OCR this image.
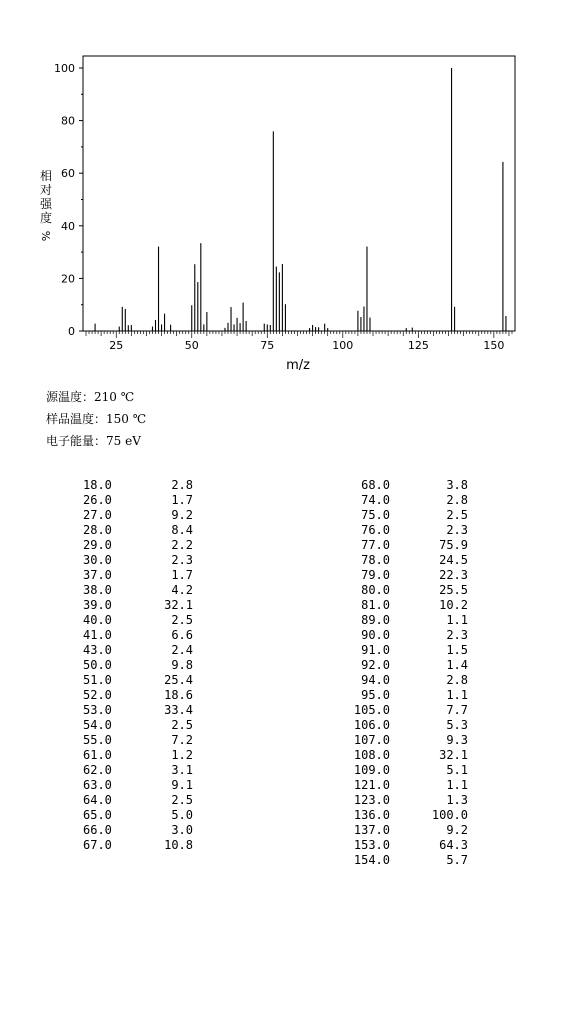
0
20
40
60
80
100
25	50	75	100	125	150
m/z
相
对
强
度
%
源温度：210 ℃
样品温度：150 ℃
电子能量：75 eV
18.0	2.8
26.0	1.7
27.0	9.2
28.0	8.4
29.0	2.2
30.0	2.3
37.0	1.7
38.0	4.2
39.0	32.1
40.0	2.5
41.0	6.6
43.0	2.4
50.0	9.8
51.0	25.4
52.0	18.6
53.0	33.4
54.0	2.5
55.0	7.2
61.0	1.2
62.0	3.1
63.0	9.1
64.0	2.5
65.0	5.0
66.0	3.0
67.0	10.8
68.0	3.8
74.0	2.8
75.0	2.5
76.0	2.3
77.0	75.9
78.0	24.5
79.0	22.3
80.0	25.5
81.0	10.2
89.0	1.1
90.0	2.3
91.0	1.5
92.0	1.4
94.0	2.8
95.0	1.1
105.0	7.7
106.0	5.3
107.0	9.3
108.0	32.1
109.0	5.1
121.0	1.1
123.0	1.3
136.0	100.0
137.0	9.2
153.0	64.3
154.0	5.7
